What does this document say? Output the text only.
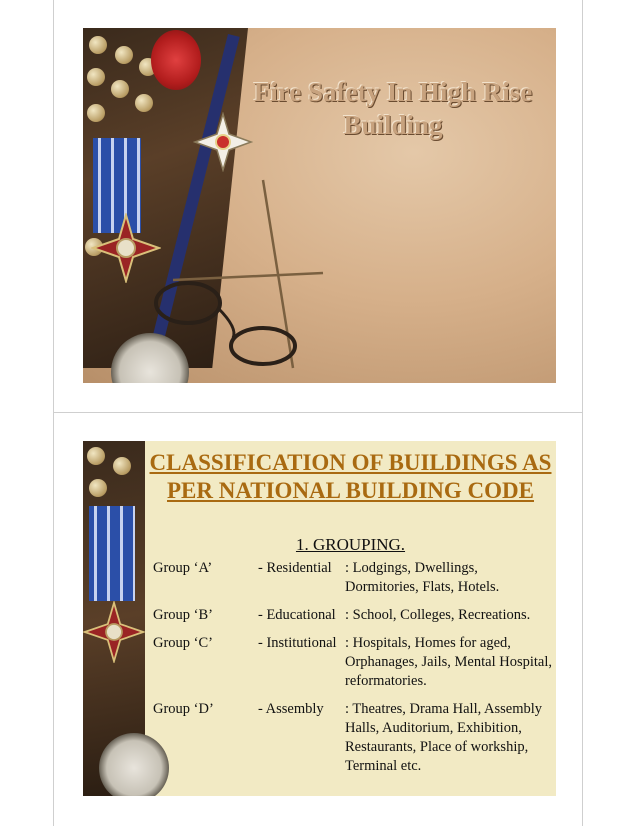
Fire Safety In High Rise Building
CLASSIFICATION OF BUILDINGS AS PER NATIONAL BUILDING CODE
1. GROUPING.
Group ‘A’	- Residential : Lodgings, Dwellings, Dormitories, Flats, Hotels.
Group ‘B’	- Educational : School, Colleges, Recreations.
Group ‘C’	- Institutional : Hospitals, Homes for aged, Orphanages, Jails, Mental Hospital, reformatories.
Group ‘D’	- Assembly : Theatres, Drama Hall, Assembly Halls, Auditorium, Exhibition, Restaurants, Place of workship, Terminal etc.
